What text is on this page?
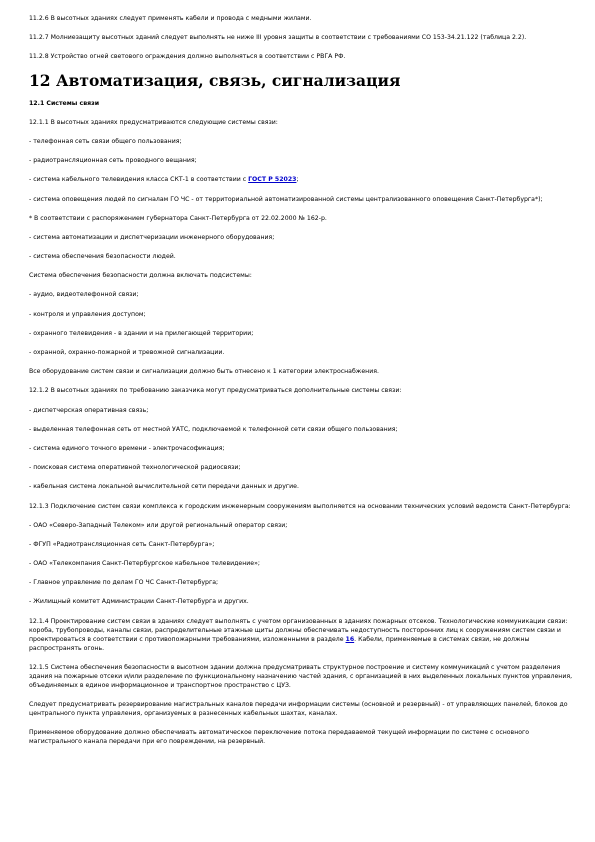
11.2.6 В высотных зданиях следует применять кабели и провода с медными жилами.

11.2.7 Молниезащиту высотных зданий следует выполнять не ниже III уровня защиты в соответствии с требованиями СО 153-34.21.122 (таблица 2.2).

11.2.8 Устройство огней светового ограждения должно выполняться в соответствии с РВГА РФ.

12 Автоматизация, связь, сигнализация

12.1 Системы связи

12.1.1 В высотных зданиях предусматриваются следующие системы связи:

- телефонная сеть связи общего пользования;

- радиотрансляционная сеть проводного вещания;

- система кабельного телевидения класса СКТ-1 в соответствии с ГОСТ Р 52023;

- система оповещения людей по сигналам ГО ЧС - от территориальной автоматизированной системы централизованного оповещения Санкт-Петербурга*);

* В соответствии с распоряжением губернатора Санкт-Петербурга от 22.02.2000 № 162-р.

- система автоматизации и диспетчеризации инженерного оборудования;

- система обеспечения безопасности людей.

Система обеспечения безопасности должна включать подсистемы:

- аудио, видеотелефонной связи;

- контроля и управления доступом;

- охранного телевидения - в здании и на прилегающей территории;

- охранной, охранно-пожарной и тревожной сигнализации.

Все оборудование систем связи и сигнализации должно быть отнесено к 1 категории электроснабжения.

12.1.2 В высотных зданиях по требованию заказчика могут предусматриваться дополнительные системы связи:

- диспетчерская оперативная связь;

- выделенная телефонная сеть от местной УАТС, подключаемой к телефонной сети связи общего пользования;

- система единого точного времени - электрочасофикация;

- поисковая система оперативной технологической радиосвязи;

- кабельная система локальной вычислительной сети передачи данных и другие.

12.1.3 Подключение систем связи комплекса к городским инженерным сооружениям выполняется на основании технических условий ведомств Санкт-Петербурга:

- ОАО «Северо-Западный Телеком» или другой региональный оператор связи;

- ФГУП «Радиотрансляционная сеть Санкт-Петербурга»;

- ОАО «Телекомпания Санкт-Петербургское кабельное телевидение»;

- Главное управление по делам ГО ЧС Санкт-Петербурга;

- Жилищный комитет Администрации Санкт-Петербурга и других.

12.1.4 Проектирование систем связи в зданиях следует выполнять с учетом организованных в зданиях пожарных отсеков. Технологические коммуникации связи: короба, трубопроводы, каналы связи, распределительные этажные щиты должны обеспечивать недоступность посторонних лиц к сооружениям систем связи и проектироваться в соответствии с противопожарными требованиями, изложенными в разделе 16. Кабели, применяемые в системах связи, не должны распространять огонь.

12.1.5 Система обеспечения безопасности в высотном здании должна предусматривать структурное построение и систему коммуникаций с учетом разделения здания на пожарные отсеки и/или разделение по функциональному назначению частей здания, с организацией в них выделенных локальных пунктов управления, объединяемых в единое информационное и транспортное пространство с ЦУЗ.

Следует предусматривать резервирование магистральных каналов передачи информации системы (основной и резервный) - от управляющих панелей, блоков до центрального пункта управления, организуемых в разнесенных кабельных шахтах, каналах.

Применяемое оборудование должно обеспечивать автоматическое переключение потока передаваемой текущей информации по системе с основного магистрального канала передачи при его повреждении, на резервный.
